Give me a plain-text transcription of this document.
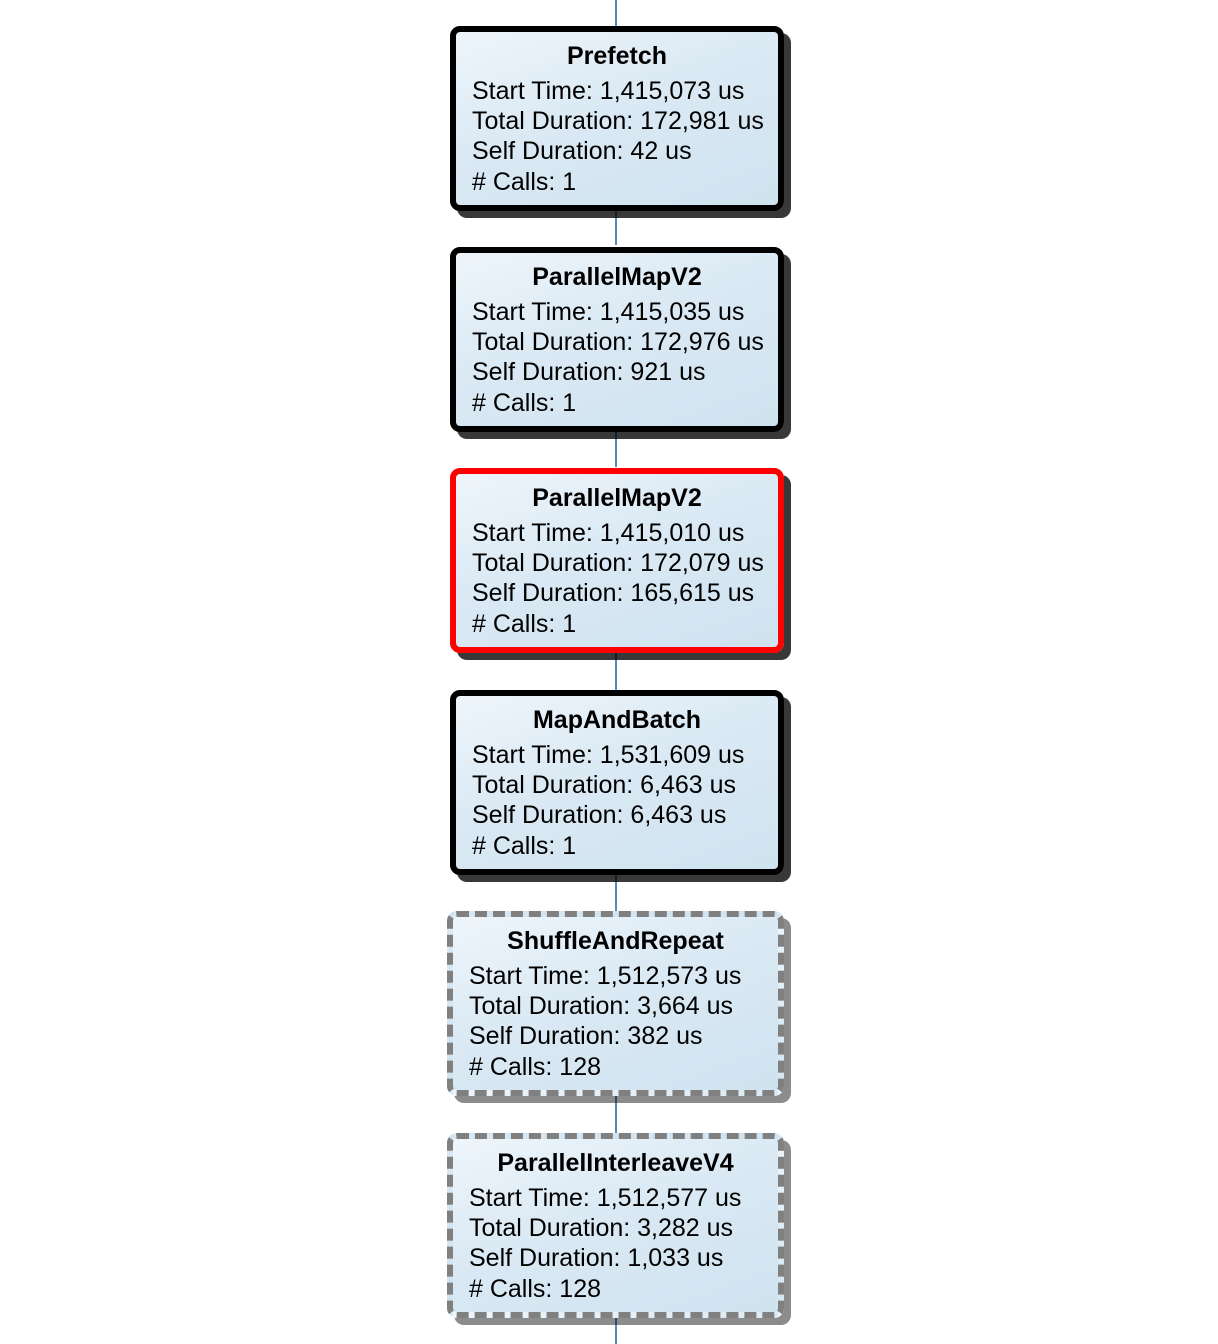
Prefetch
Start Time: 1,415,073 us
Total Duration: 172,981 us
Self Duration: 42 us
# Calls: 1
ParallelMapV2
Start Time: 1,415,035 us
Total Duration: 172,976 us
Self Duration: 921 us
# Calls: 1
ParallelMapV2
Start Time: 1,415,010 us
Total Duration: 172,079 us
Self Duration: 165,615 us
# Calls: 1
MapAndBatch
Start Time: 1,531,609 us
Total Duration: 6,463 us
Self Duration: 6,463 us
# Calls: 1
ShuffleAndRepeat
Start Time: 1,512,573 us
Total Duration: 3,664 us
Self Duration: 382 us
# Calls: 128
ParallelInterleaveV4
Start Time: 1,512,577 us
Total Duration: 3,282 us
Self Duration: 1,033 us
# Calls: 128
